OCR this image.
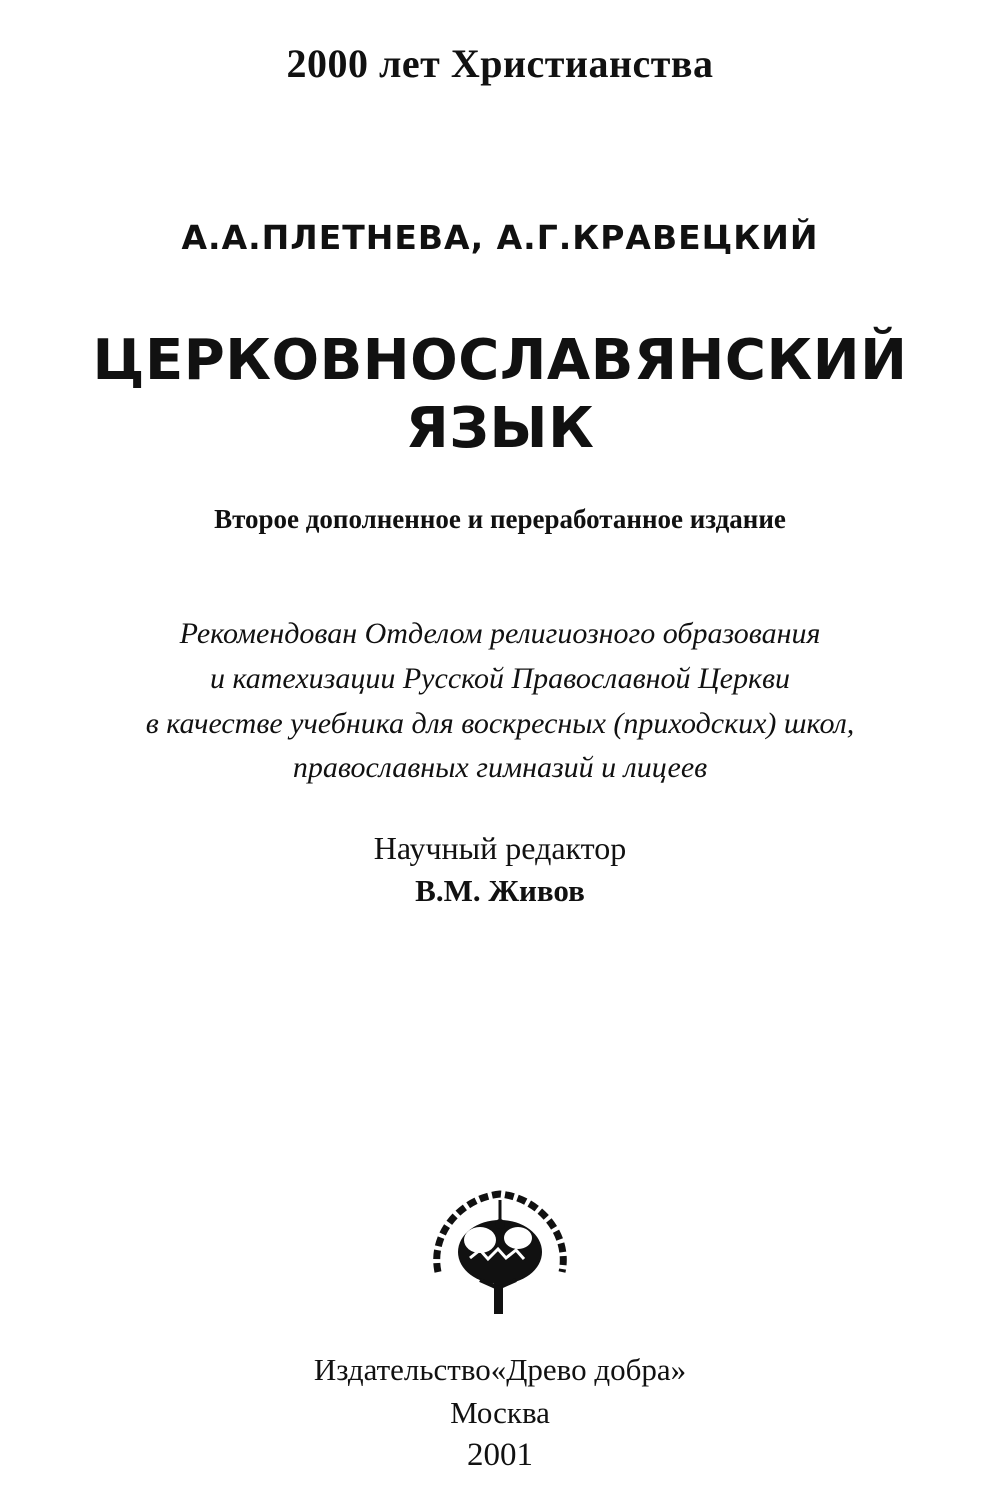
2000 лет Христианства
А.А.ПЛЕТНЕВА, А.Г.КРАВЕЦКИЙ
ЦЕРКОВНОСЛАВЯНСКИЙ
ЯЗЫК
Второе дополненное и переработанное издание
Рекомендован Отделом религиозного образования
и катехизации Русской Православной Церкви
в качестве учебника для воскресных (приходских) школ,
православных гимназий и лицеев
Научный редактор
В.М. Живов
Издательство«Древо добра»
Москва
2001
